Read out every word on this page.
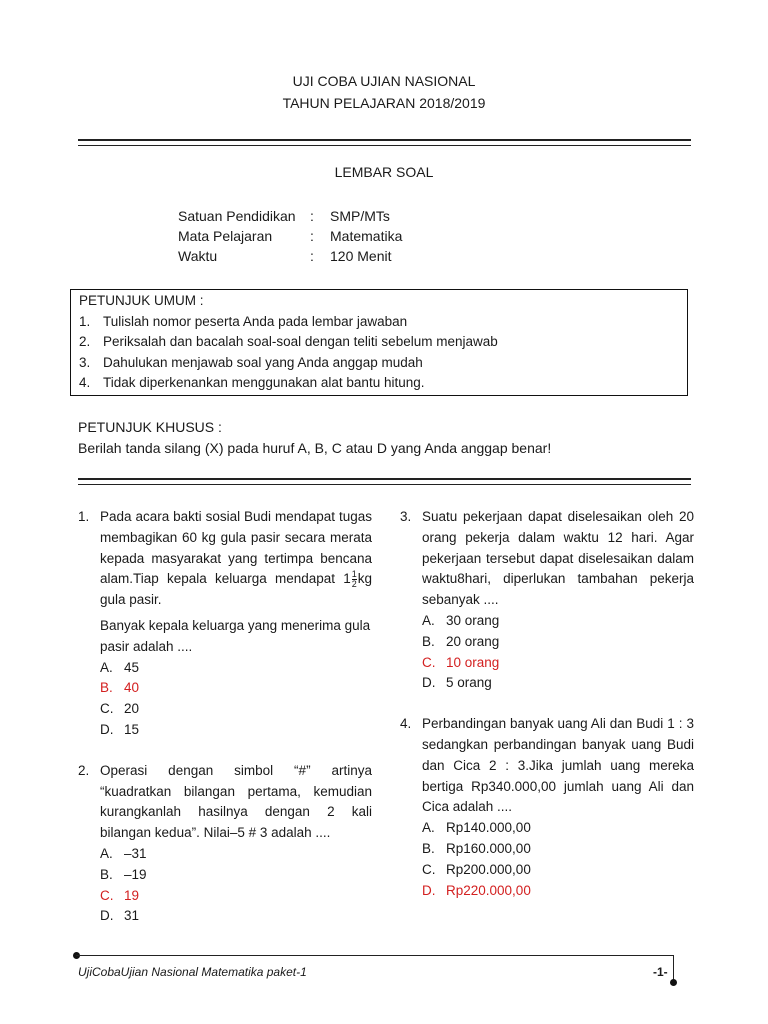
UJI COBA UJIAN NASIONAL
TAHUN PELAJARAN 2018/2019
LEMBAR SOAL
Satuan Pendidikan	:	SMP/MTs
Mata Pelajaran	:	Matematika
Waktu	:	120 Menit
PETUNJUK UMUM :
1. Tulislah nomor peserta Anda pada lembar jawaban
2. Periksalah dan bacalah soal-soal dengan teliti sebelum menjawab
3. Dahulukan menjawab soal yang Anda anggap mudah
4. Tidak diperkenankan menggunakan alat bantu hitung.
PETUNJUK KHUSUS :
Berilah tanda silang (X) pada huruf A, B, C atau D yang Anda anggap benar!
1. Pada acara bakti sosial Budi mendapat tugas membagikan 60 kg gula pasir secara merata kepada masyarakat yang tertimpa bencana alam.Tiap kepala keluarga mendapat $1 \frac{1}{2}$ kg gula pasir.
Banyak kepala keluarga yang menerima gula pasir adalah ....
A. 45
B. 40
C. 20
D. 15
2. Operasi dengan simbol “#” artinya “kuadratkan bilangan pertama, kemudian kurangkanlah hasilnya dengan 2 kali bilangan kedua”. Nilai–5 # 3 adalah ....
A. –31
B. –19
C. 19
D. 31
3. Suatu pekerjaan dapat diselesaikan oleh 20 orang pekerja dalam waktu 12 hari. Agar pekerjaan tersebut dapat diselesaikan dalam waktu8hari, diperlukan tambahan pekerja sebanyak ....
A. 30 orang
B. 20 orang
C. 10 orang
D. 5 orang
4. Perbandingan banyak uang Ali dan Budi 1 : 3 sedangkan perbandingan banyak uang Budi dan Cica 2 : 3.Jika jumlah uang mereka bertiga Rp340.000,00 jumlah uang Ali dan Cica adalah ....
A. Rp140.000,00
B. Rp160.000,00
C. Rp200.000,00
D. Rp220.000,00
UjiCobaUjian Nasional Matematika paket-1	-1-
